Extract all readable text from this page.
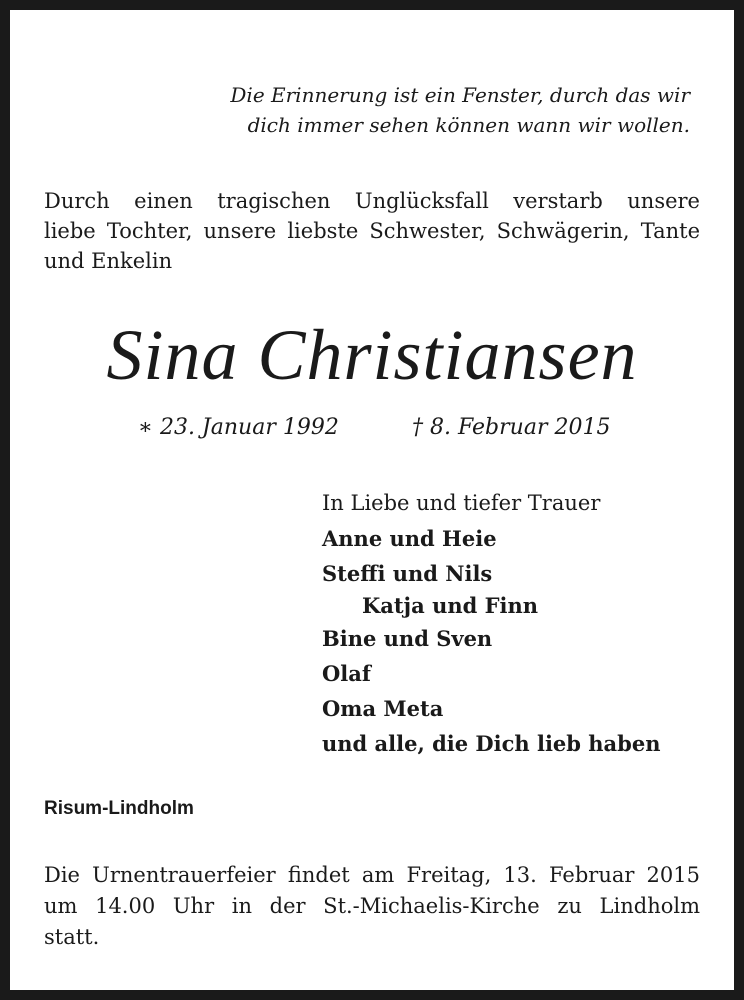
Die Erinnerung ist ein Fenster, durch das wir
dich immer sehen können wann wir wollen.
Durch einen tragischen Unglücksfall verstarb unsere
liebe Tochter, unsere liebste Schwester, Schwägerin, Tante
und Enkelin
Sina Christiansen
∗ 23. Januar 1992	† 8. Februar 2015
In Liebe und tiefer Trauer
Anne und Heie
Steffi und Nils
Katja und Finn
Bine und Sven
Olaf
Oma Meta
und alle, die Dich lieb haben
Risum-Lindholm
Die Urnentrauerfeier findet am Freitag, 13. Februar 2015
um 14.00 Uhr in der St.-Michaelis-Kirche zu Lindholm
statt.
